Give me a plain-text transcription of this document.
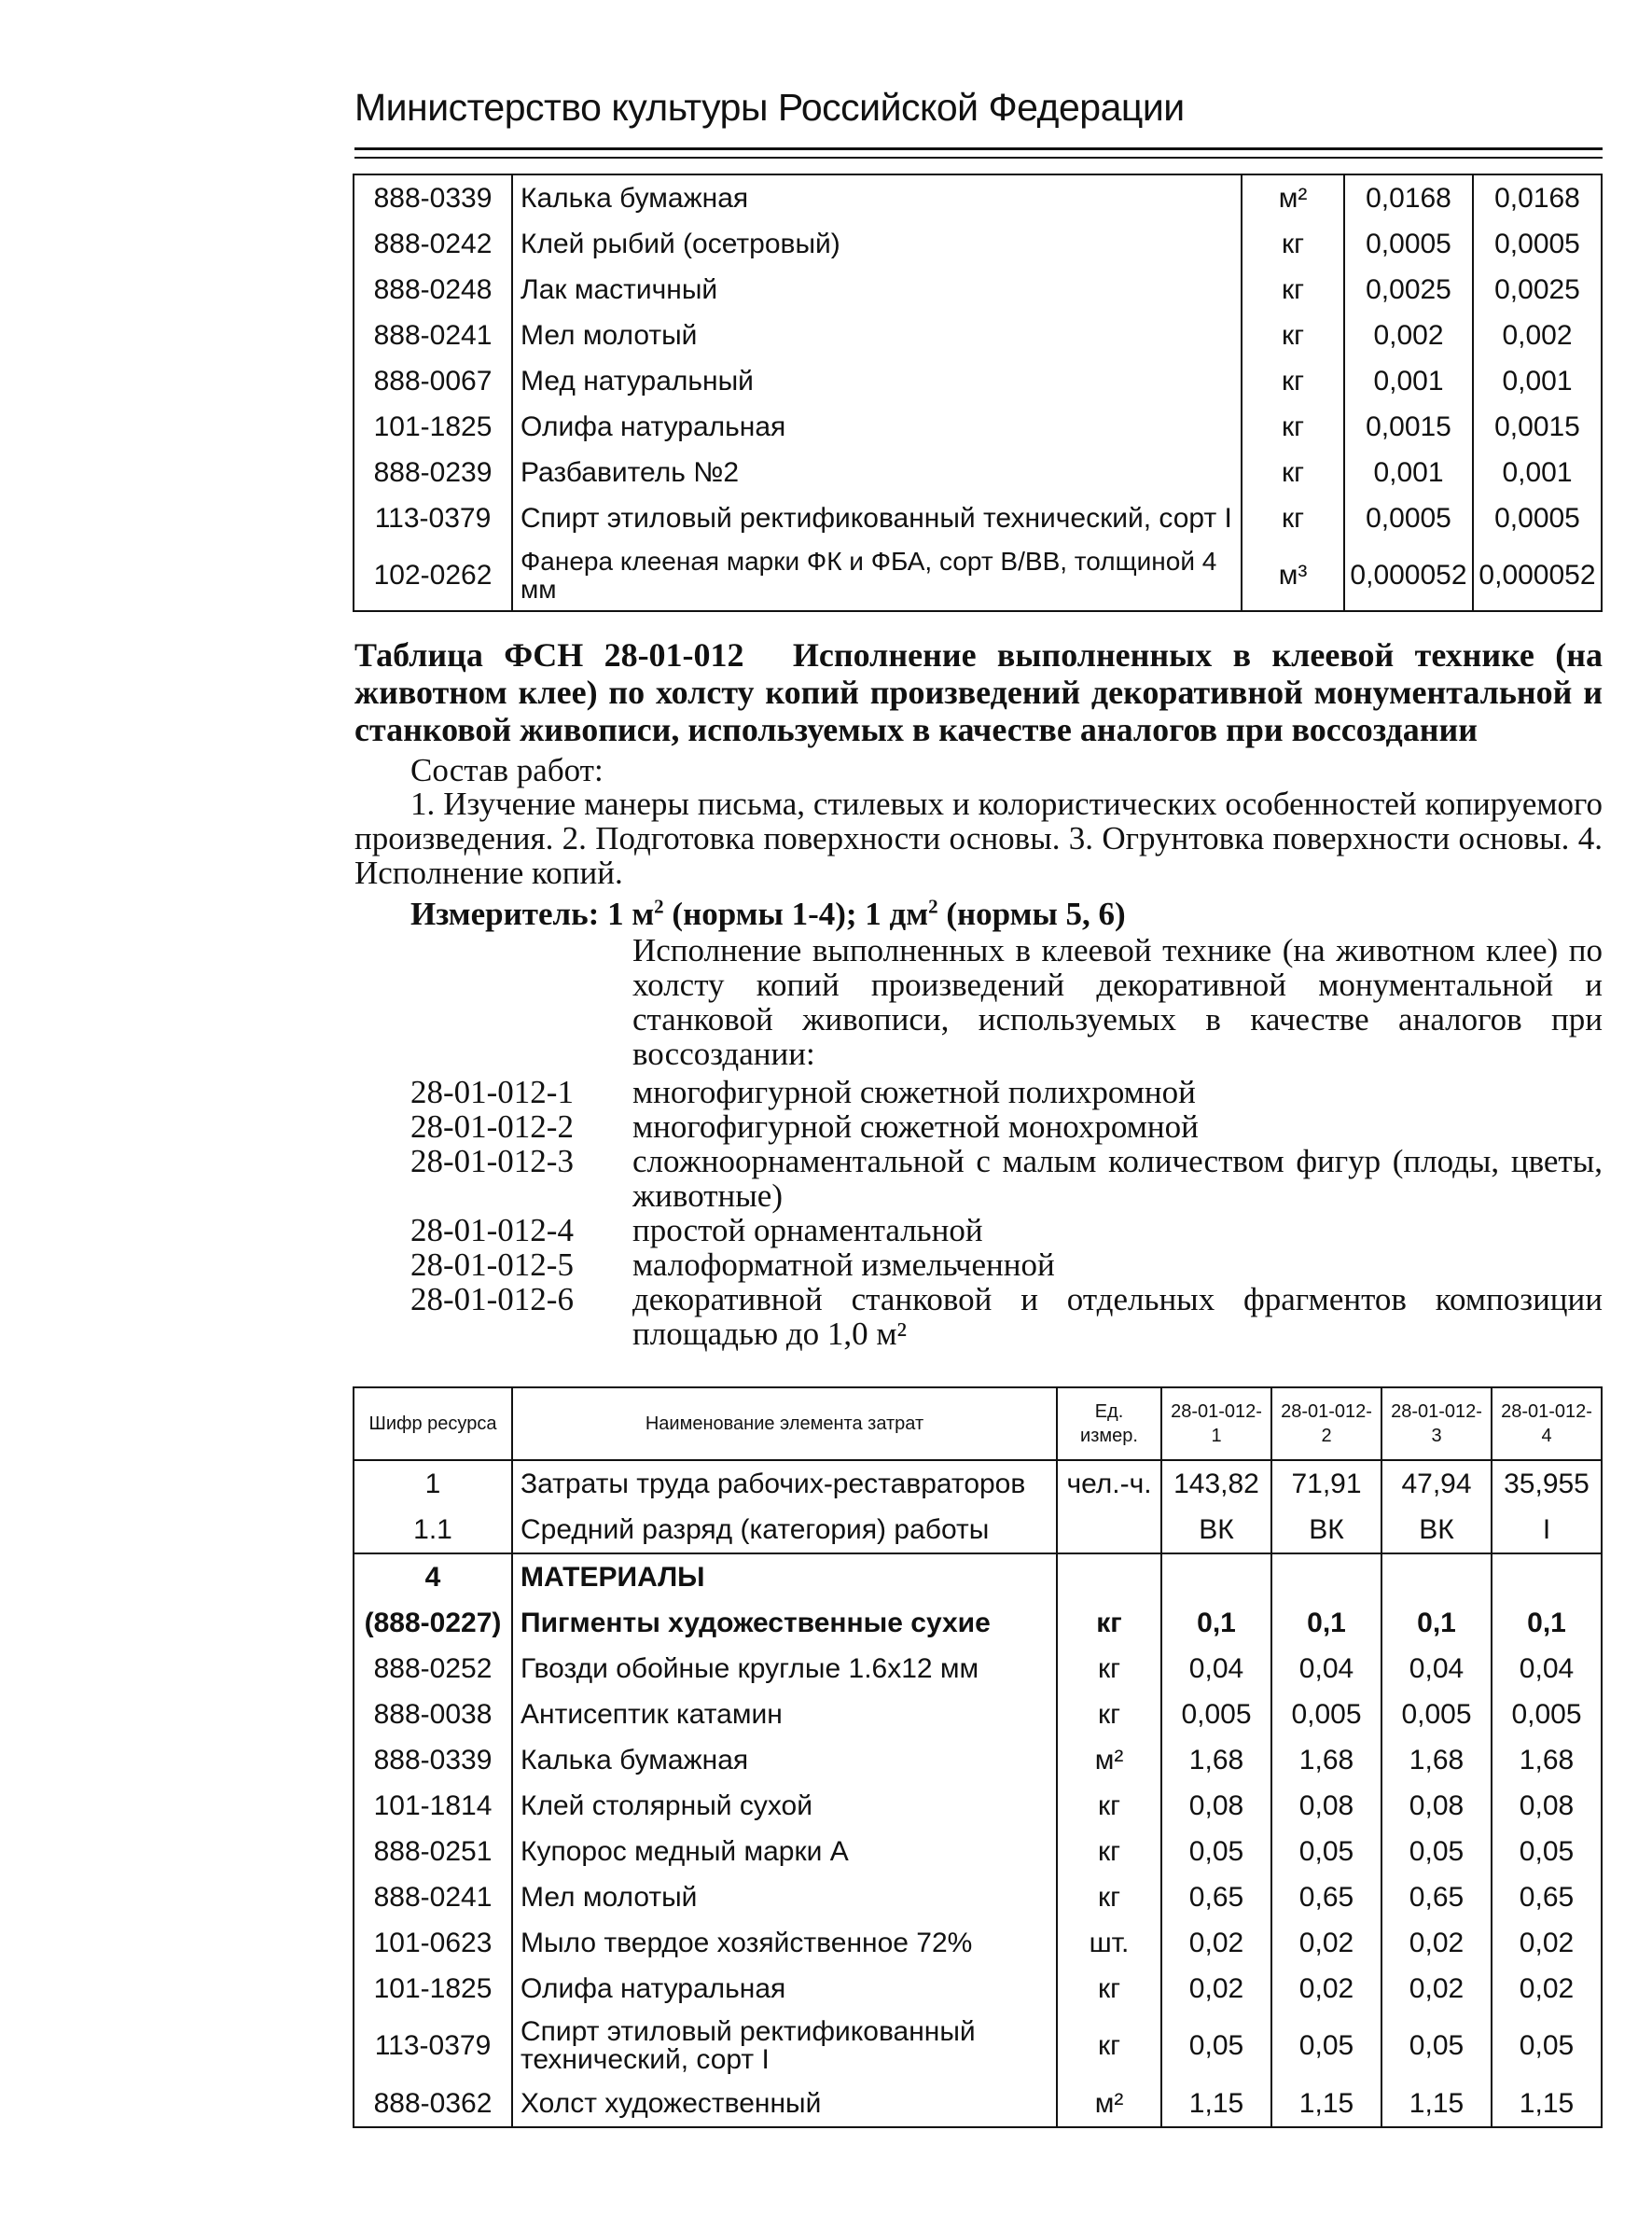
Министерство культуры Российской Федерации
888-0339	Калька бумажная	м²	0,0168	0,0168
888-0242	Клей рыбий (осетровый)	кг	0,0005	0,0005
888-0248	Лак мастичный	кг	0,0025	0,0025
888-0241	Мел молотый	кг	0,002	0,002
888-0067	Мед натуральный	кг	0,001	0,001
101-1825	Олифа натуральная	кг	0,0015	0,0015
888-0239	Разбавитель №2	кг	0,001	0,001
113-0379	Спирт этиловый ректификованный технический, сорт I	кг	0,0005	0,0005
102-0262	Фанера клееная марки ФК и ФБА, сорт В/ВВ, толщиной 4 мм	м³	0,000052	0,000052
Таблица ФСН 28-01-012 Исполнение выполненных в клеевой технике (на животном клее) по холсту копий произведений декоративной монументальной и станковой живописи, используемых в качестве аналогов при воссоздании
Состав работ:
1. Изучение манеры письма, стилевых и колористических особенностей копируемого произведения. 2. Подготовка поверхности основы. 3. Огрунтовка поверхности основы. 4. Исполнение копий.
Измеритель: 1 $м^2$ (нормы 1-4); 1 $дм^2$ (нормы 5, 6)
Исполнение выполненных в клеевой технике (на животном клее) по холсту копий произведений декоративной монументальной и станковой живописи, используемых в качестве аналогов при воссоздании:
28-01-012-1	многофигурной сюжетной полихромной
28-01-012-2	многофигурной сюжетной монохромной
28-01-012-3	сложноорнаментальной с малым количеством фигур (плоды, цветы, животные)
28-01-012-4	простой орнаментальной
28-01-012-5	малоформатной измельченной
28-01-012-6	декоративной станковой и отдельных фрагментов композиции площадью до 1,0 м²
Шифр ресурса	Наименование элемента затрат	Ед. измер.	28-01-012-1	28-01-012-2	28-01-012-3	28-01-012-4
1	Затраты труда рабочих-реставраторов	чел.-ч.	143,82	71,91	47,94	35,955
1.1	Средний разряд (категория) работы		ВК	ВК	ВК	I
4	МАТЕРИАЛЫ					
(888-0227)	Пигменты художественные сухие	кг	0,1	0,1	0,1	0,1
888-0252	Гвозди обойные круглые 1.6х12 мм	кг	0,04	0,04	0,04	0,04
888-0038	Антисептик катамин	кг	0,005	0,005	0,005	0,005
888-0339	Калька бумажная	м²	1,68	1,68	1,68	1,68
101-1814	Клей столярный сухой	кг	0,08	0,08	0,08	0,08
888-0251	Купорос медный марки А	кг	0,05	0,05	0,05	0,05
888-0241	Мел молотый	кг	0,65	0,65	0,65	0,65
101-0623	Мыло твердое хозяйственное 72%	шт.	0,02	0,02	0,02	0,02
101-1825	Олифа натуральная	кг	0,02	0,02	0,02	0,02
113-0379	Спирт этиловый ректификованный технический, сорт I	кг	0,05	0,05	0,05	0,05
888-0362	Холст художественный	м²	1,15	1,15	1,15	1,15
